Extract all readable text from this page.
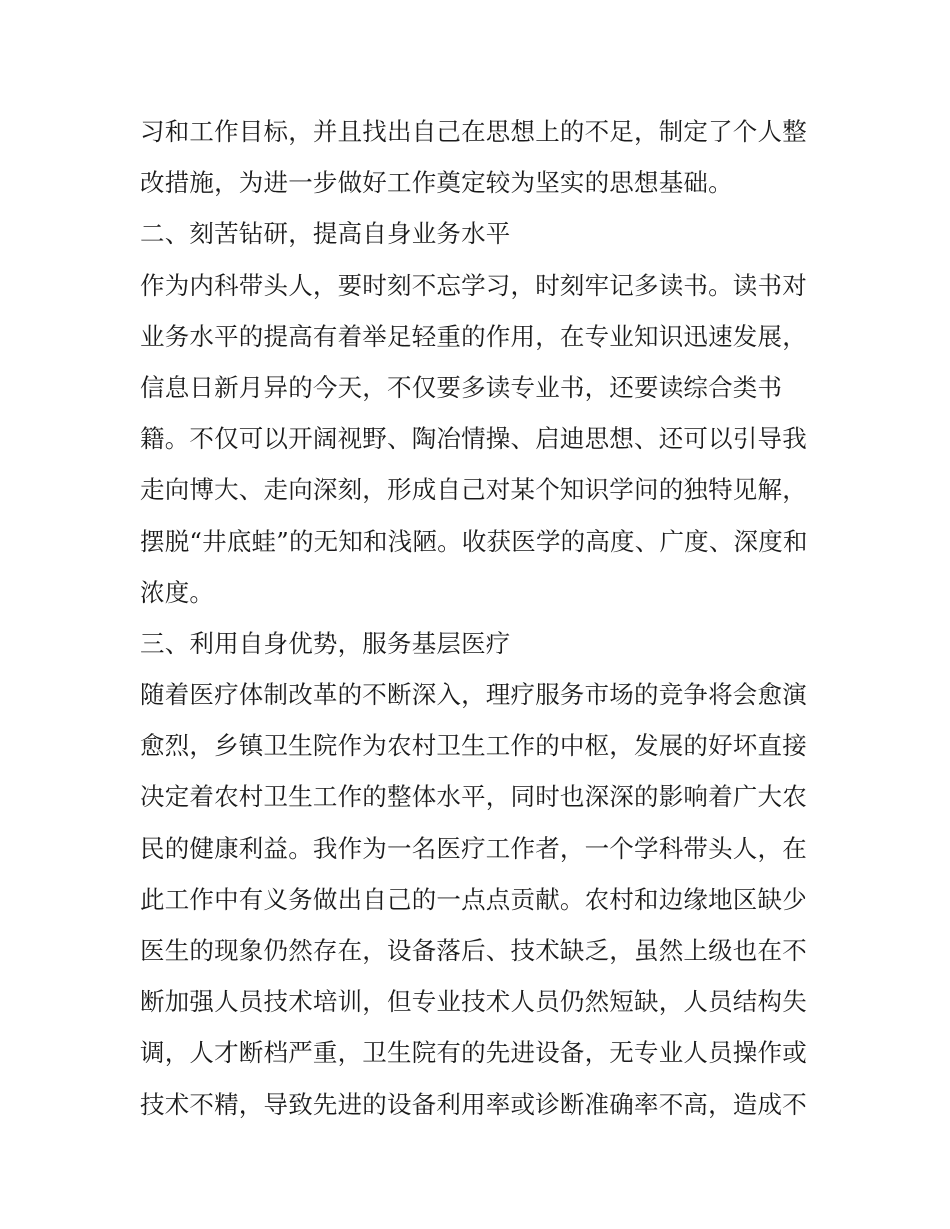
习和工作目标，并且找出自己在思想上的不足，制定了个人整
改措施，为进一步做好工作奠定较为坚实的思想基础。
二、刻苦钻研，提高自身业务水平
作为内科带头人，要时刻不忘学习，时刻牢记多读书。读书对
业务水平的提高有着举足轻重的作用，在专业知识迅速发展，
信息日新月异的今天，不仅要多读专业书，还要读综合类书
籍。不仅可以开阔视野、陶冶情操、启迪思想、还可以引导我
走向博大、走向深刻，形成自己对某个知识学问的独特见解，
摆脱“井底蛙”的无知和浅陋。收获医学的高度、广度、深度和
浓度。
三、利用自身优势，服务基层医疗
随着医疗体制改革的不断深入，理疗服务市场的竞争将会愈演
愈烈，乡镇卫生院作为农村卫生工作的中枢，发展的好坏直接
决定着农村卫生工作的整体水平，同时也深深的影响着广大农
民的健康利益。我作为一名医疗工作者，一个学科带头人，在
此工作中有义务做出自己的一点点贡献。农村和边缘地区缺少
医生的现象仍然存在，设备落后、技术缺乏，虽然上级也在不
断加强人员技术培训，但专业技术人员仍然短缺，人员结构失
调，人才断档严重，卫生院有的先进设备，无专业人员操作或
技术不精，导致先进的设备利用率或诊断准确率不高，造成不
